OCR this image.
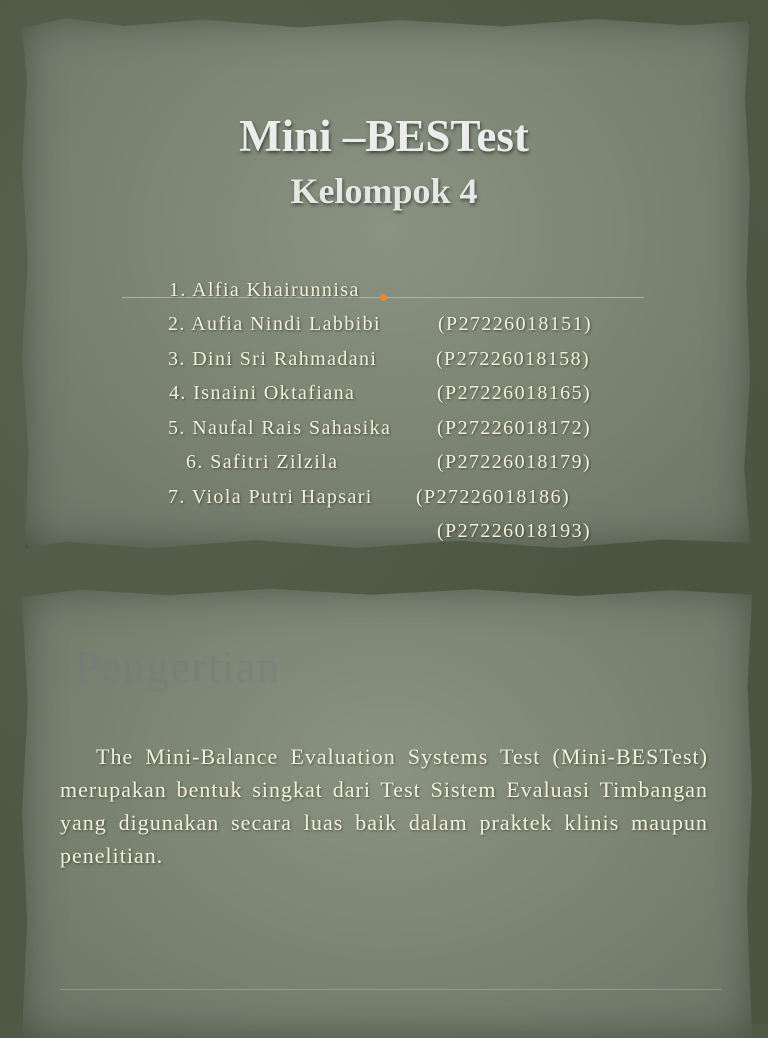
Mini –BESTest
Kelompok 4

1. Alfia Khairunnisa

(P27226018151)

2. Aufia Nindi Labbibi

(P27226018158)

3. Dini Sri Rahmadani

(P27226018165)

4. Isnaini Oktafiana

(P27226018172)

5. Naufal Rais Sahasika

(P27226018179)

6. Safitri Zilzila

(P27226018186)

7. Viola Putri Hapsari

(P27226018193)

Pengertian

The Mini-Balance Evaluation Systems Test (Mini-BESTest) merupakan bentuk singkat dari Test Sistem Evaluasi Timbangan yang digunakan secara luas baik dalam praktek klinis maupun penelitian.
